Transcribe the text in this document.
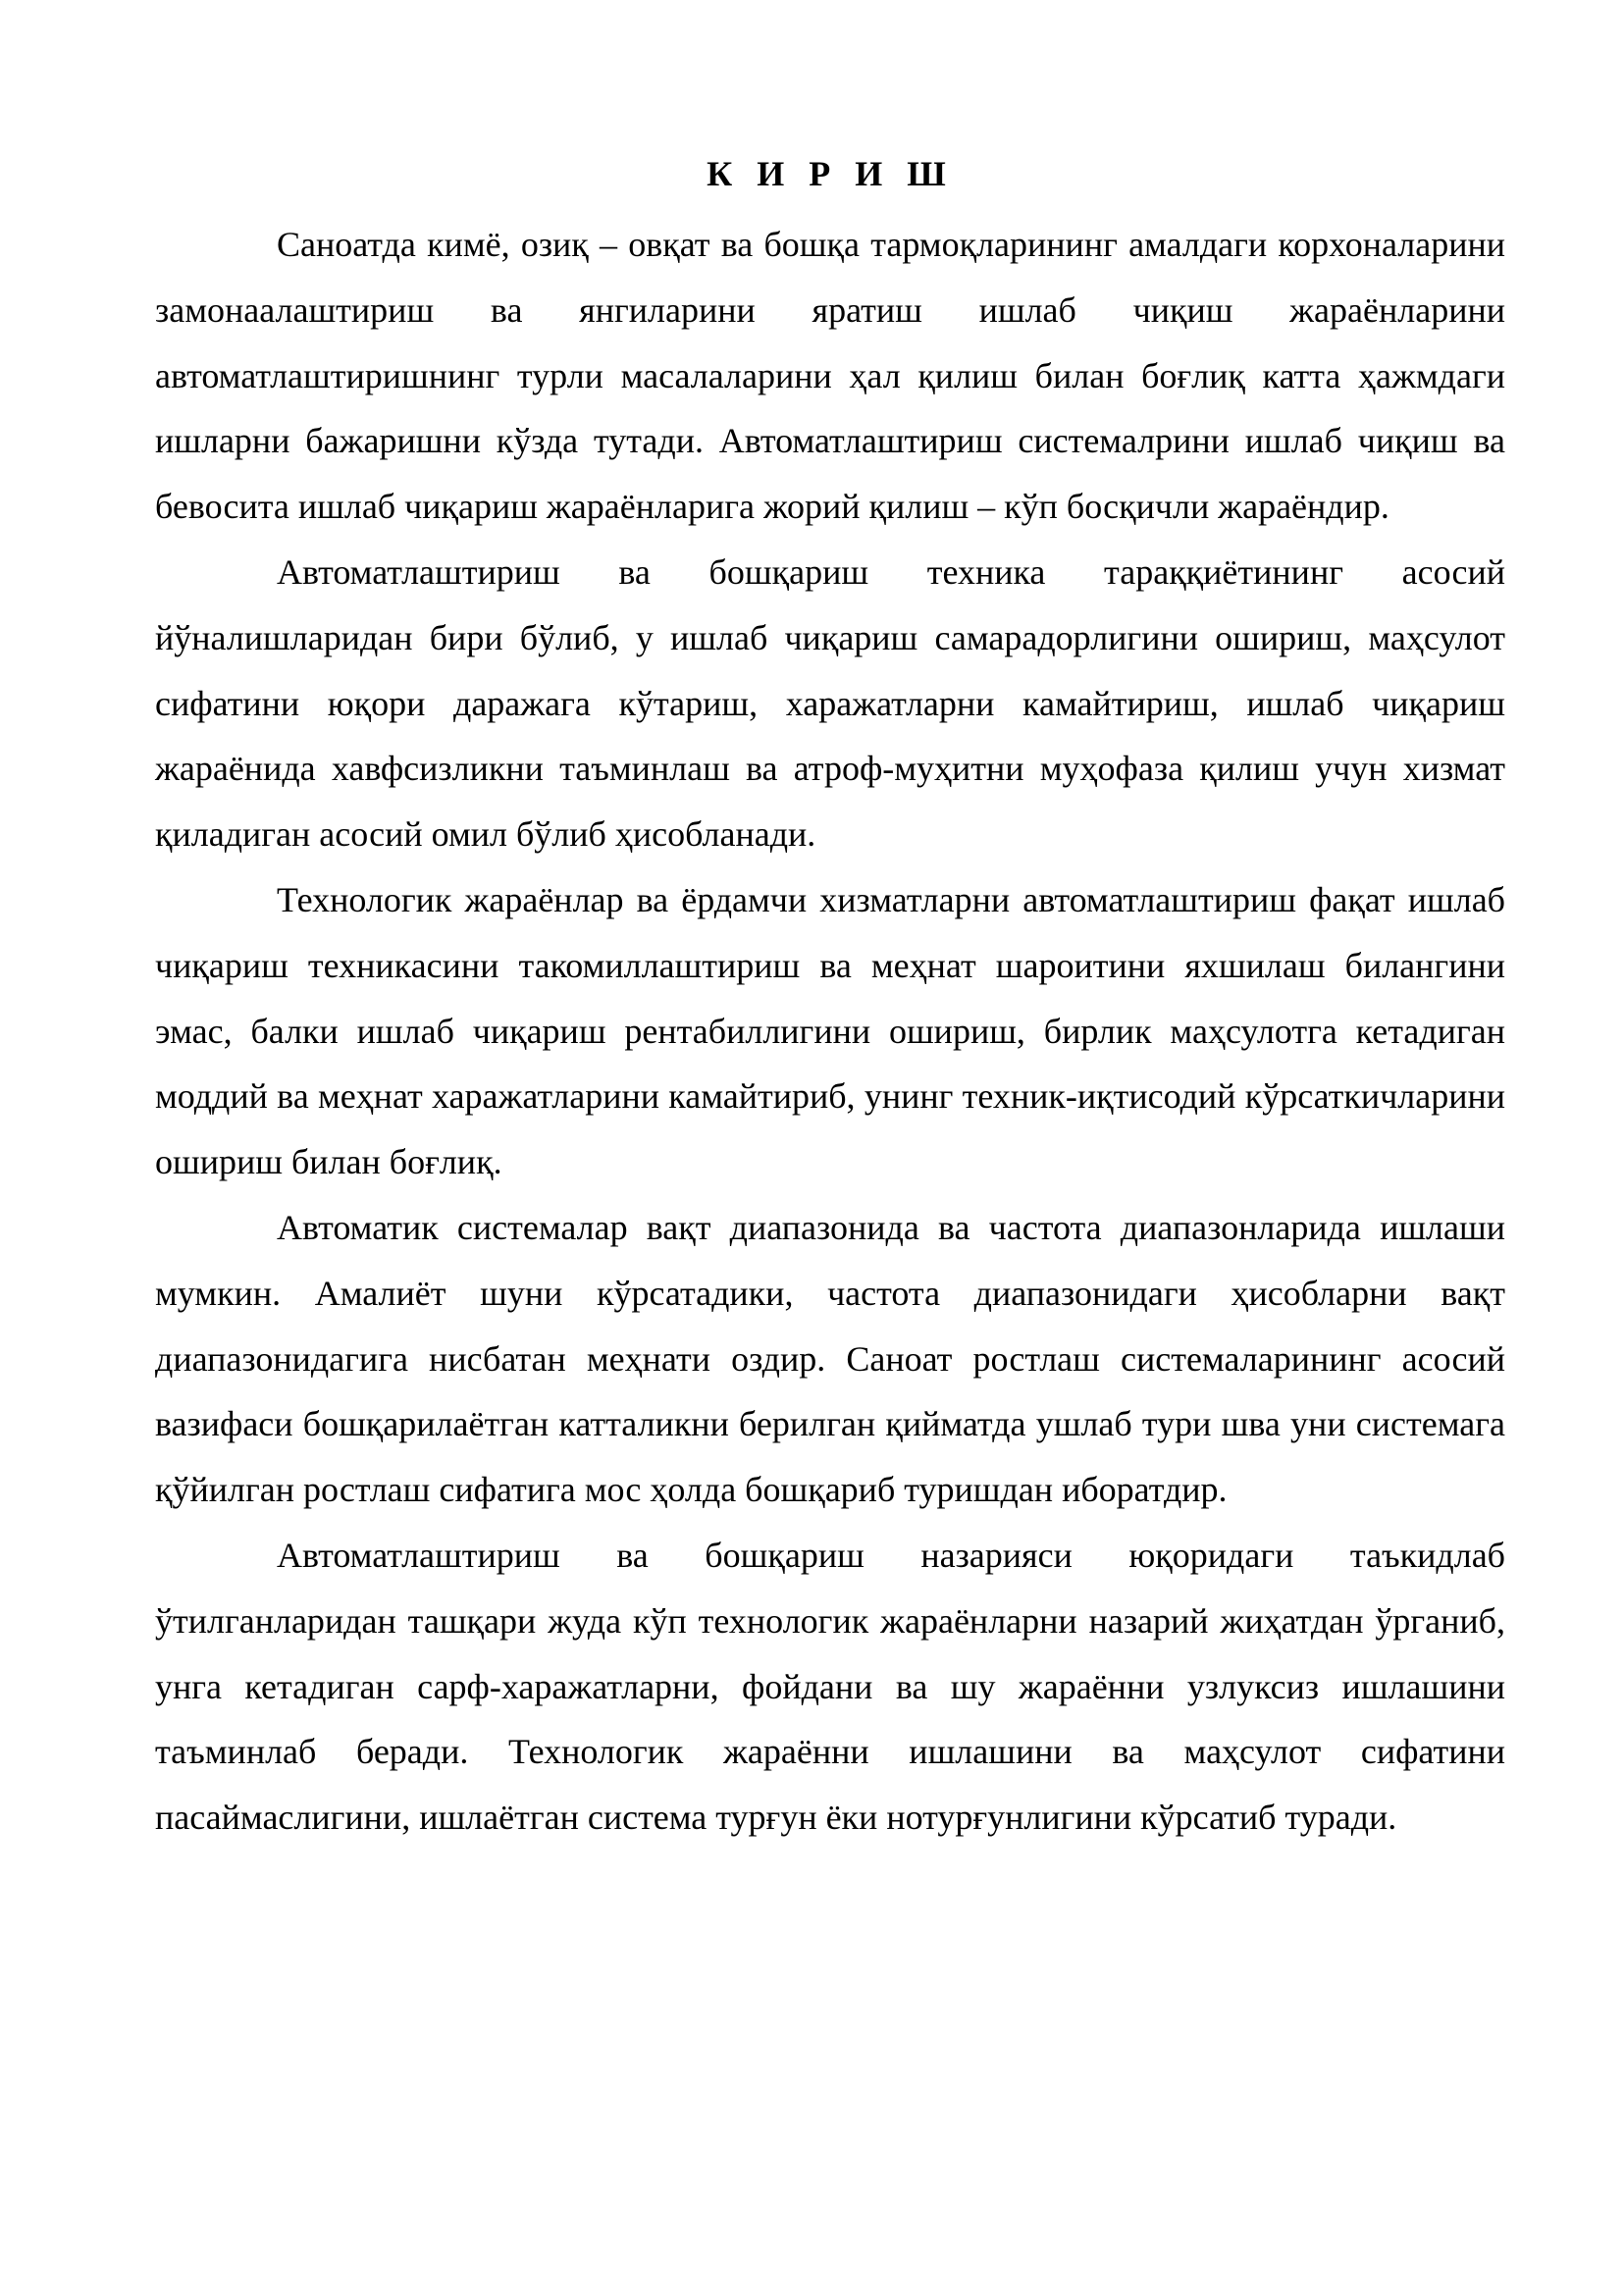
К И Р И Ш

Саноатда кимё, озиқ – овқат ва бошқа тармоқларининг амалдаги корхоналарини замонаалаштириш ва янгиларини яратиш ишлаб чиқиш жараёнларини автоматлаштиришнинг турли масалаларини ҳал қилиш билан боғлиқ катта ҳажмдаги ишларни бажаришни кўзда тутади. Автоматлаштириш системалрини ишлаб чиқиш ва бевосита ишлаб чиқариш жараёнларига жорий қилиш – кўп босқичли жараёндир.

Автоматлаштириш ва бошқариш техника тараққиётининг асосий йўналишларидан бири бўлиб, у ишлаб чиқариш самарадорлигини ошириш, маҳсулот сифатини юқори даражага кўтариш, харажатларни камайтириш, ишлаб чиқариш жараёнида хавфсизликни таъминлаш ва атроф-муҳитни муҳофаза қилиш учун хизмат қиладиган асосий омил бўлиб ҳисобланади.

Технологик жараёнлар ва ёрдамчи хизматларни автоматлаштириш фақат ишлаб чиқариш техникасини такомиллаштириш ва меҳнат шароитини яхшилаш билангини эмас, балки ишлаб чиқариш рентабиллигини ошириш, бирлик маҳсулотга кетадиган моддий ва меҳнат харажатларини камайтириб, унинг техник-иқтисодий кўрсаткичларини ошириш билан боғлиқ.

Автоматик системалар вақт диапазонида ва частота диапазонларида ишлаши мумкин. Амалиёт шуни кўрсатадики, частота диапазонидаги ҳисобларни вақт диапазонидагига нисбатан меҳнати оздир. Саноат ростлаш системаларининг асосий вазифаси бошқарилаётган катталикни берилган қийматда ушлаб тури шва уни системага қўйилган ростлаш сифатига мос ҳолда бошқариб туришдан иборатдир.

Автоматлаштириш ва бошқариш назарияси юқоридаги таъкидлаб ўтилганларидан ташқари жуда кўп технологик жараёнларни назарий жиҳатдан ўрганиб, унга кетадиган сарф-харажатларни, фойдани ва шу жараённи узлуксиз ишлашини таъминлаб беради. Технологик жараённи ишлашини ва маҳсулот сифатини пасаймаслигини, ишлаётган система турғун ёки нотурғунлигини кўрсатиб туради.
